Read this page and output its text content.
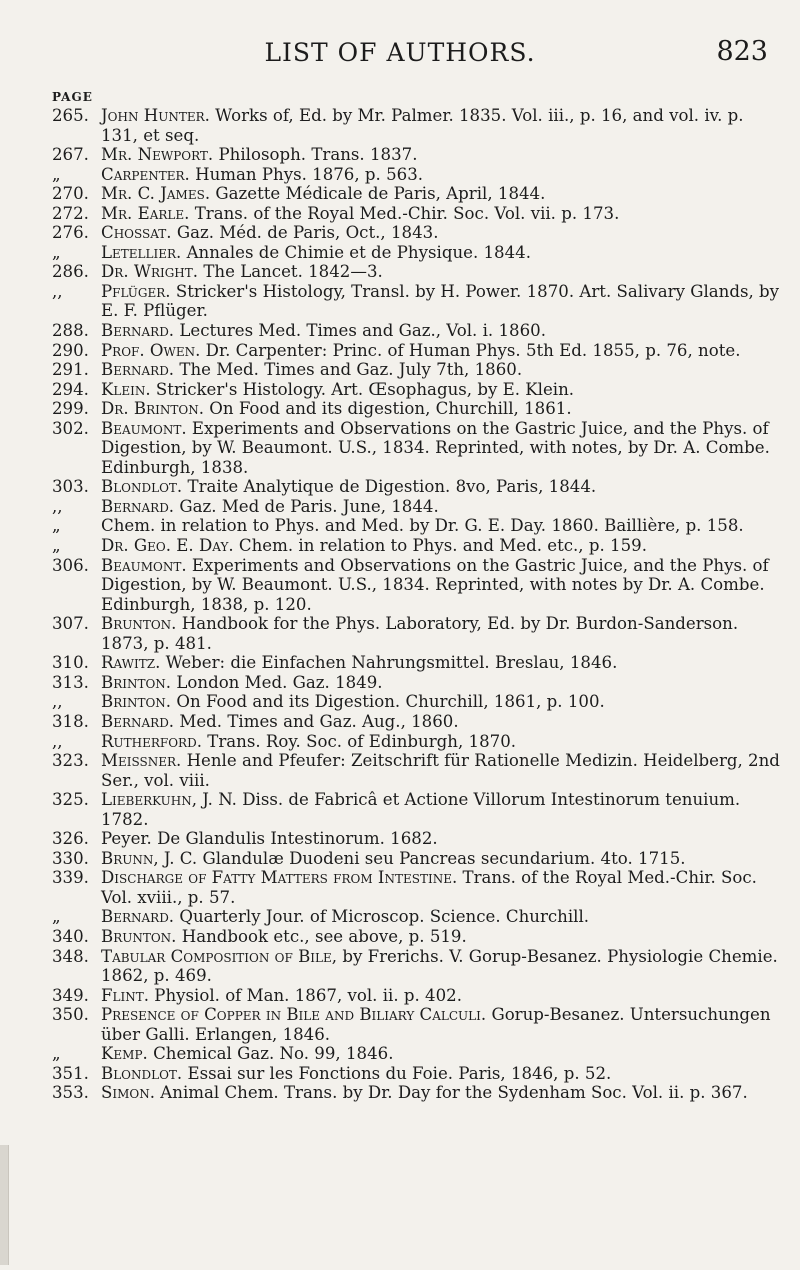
LIST OF AUTHORS.	823
PAGE
265. John Hunter. Works of, Ed. by Mr. Palmer. 1835. Vol. iii., p. 16, and vol. iv. p. 131, et seq.
267. Mr. Newport. Philosoph. Trans. 1837.
„	Carpenter. Human Phys. 1876, p. 563.
270. Mr. C. James. Gazette Médicale de Paris, April, 1844.
272. Mr. Earle. Trans. of the Royal Med.-Chir. Soc. Vol. vii. p. 173.
276. Chossat. Gaz. Méd. de Paris, Oct., 1843.
„	Letellier. Annales de Chimie et de Physique. 1844.
286. Dr. Wright. The Lancet. 1842—3.
,,	Pflüger. Stricker's Histology, Transl. by H. Power. 1870. Art. Salivary Glands, by E. F. Pflüger.
288. Bernard. Lectures Med. Times and Gaz., Vol. i. 1860.
290. Prof. Owen. Dr. Carpenter: Princ. of Human Phys. 5th Ed. 1855, p. 76, note.
291. Bernard. The Med. Times and Gaz. July 7th, 1860.
294. Klein. Stricker's Histology. Art. Œsophagus, by E. Klein.
299. Dr. Brinton. On Food and its digestion, Churchill, 1861.
302. Beaumont. Experiments and Observations on the Gastric Juice, and the Phys. of Digestion, by W. Beaumont. U.S., 1834. Reprinted, with notes, by Dr. A. Combe. Edinburgh, 1838.
303. Blondlot. Traite Analytique de Digestion. 8vo, Paris, 1844.
,,	Bernard. Gaz. Med de Paris. June, 1844.
„	Chem. in relation to Phys. and Med. by Dr. G. E. Day. 1860. Baillière, p. 158.
„	Dr. Geo. E. Day. Chem. in relation to Phys. and Med. etc., p. 159.
306. Beaumont. Experiments and Observations on the Gastric Juice, and the Phys. of Digestion, by W. Beaumont. U.S., 1834. Reprinted, with notes by Dr. A. Combe. Edinburgh, 1838, p. 120.
307. Brunton. Handbook for the Phys. Laboratory, Ed. by Dr. Burdon-Sanderson. 1873, p. 481.
310. Rawitz. Weber: die Einfachen Nahrungsmittel. Breslau, 1846.
313. Brinton. London Med. Gaz. 1849.
,,	Brinton. On Food and its Digestion. Churchill, 1861, p. 100.
318. Bernard. Med. Times and Gaz. Aug., 1860.
,,	Rutherford. Trans. Roy. Soc. of Edinburgh, 1870.
323. Meissner. Henle and Pfeufer: Zeitschrift für Rationelle Medizin. Heidelberg, 2nd Ser., vol. viii.
325. Lieberkuhn, J. N. Diss. de Fabricâ et Actione Villorum Intestinorum tenuium. 1782.
326. Peyer. De Glandulis Intestinorum. 1682.
330. Brunn, J. C. Glandulæ Duodeni seu Pancreas secundarium. 4to. 1715.
339. Discharge of Fatty Matters from Intestine. Trans. of the Royal Med.-Chir. Soc. Vol. xviii., p. 57.
„	Bernard. Quarterly Jour. of Microscop. Science. Churchill.
340. Brunton. Handbook etc., see above, p. 519.
348. Tabular Composition of Bile, by Frerichs. V. Gorup-Besanez. Physiologie Chemie. 1862, p. 469.
349. Flint. Physiol. of Man. 1867, vol. ii. p. 402.
350. Presence of Copper in Bile and Biliary Calculi. Gorup-Besanez. Untersuchungen über Galli. Erlangen, 1846.
„	Kemp. Chemical Gaz. No. 99, 1846.
351. Blondlot. Essai sur les Fonctions du Foie. Paris, 1846, p. 52.
353. Simon. Animal Chem. Trans. by Dr. Day for the Sydenham Soc. Vol. ii. p. 367.
